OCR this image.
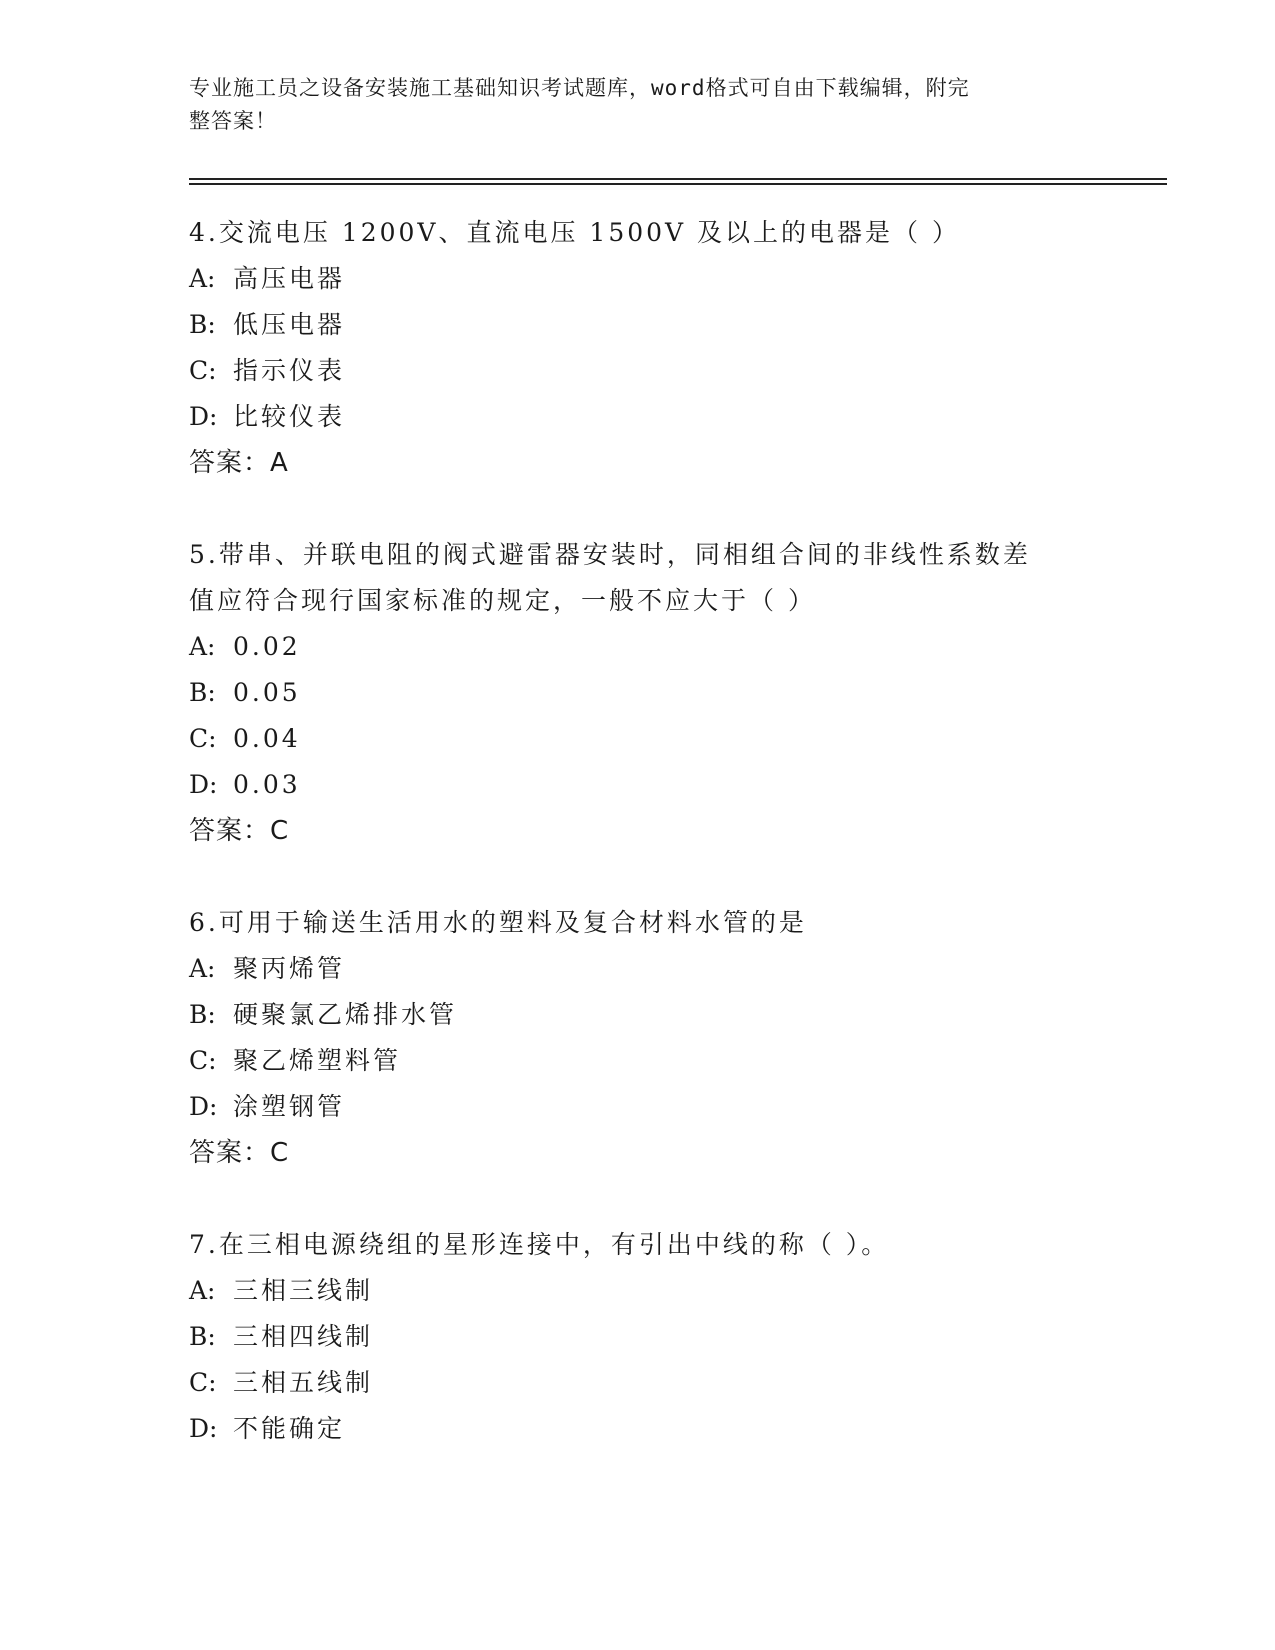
专业施工员之设备安装施工基础知识考试题库，word格式可自由下载编辑，附完
整答案！
4.交流电压 1200V、直流电压 1500V 及以上的电器是（ ）
A: 高压电器
B: 低压电器
C: 指示仪表
D: 比较仪表
答案：A
5.带串、并联电阻的阀式避雷器安装时，同相组合间的非线性系数差
值应符合现行国家标准的规定，一般不应大于（ ）
A: 0.02
B: 0.05
C: 0.04
D: 0.03
答案：C
6.可用于输送生活用水的塑料及复合材料水管的是
A: 聚丙烯管
B: 硬聚氯乙烯排水管
C: 聚乙烯塑料管
D: 涂塑钢管
答案：C
7.在三相电源绕组的星形连接中，有引出中线的称（ ）。
A: 三相三线制
B: 三相四线制
C: 三相五线制
D: 不能确定
